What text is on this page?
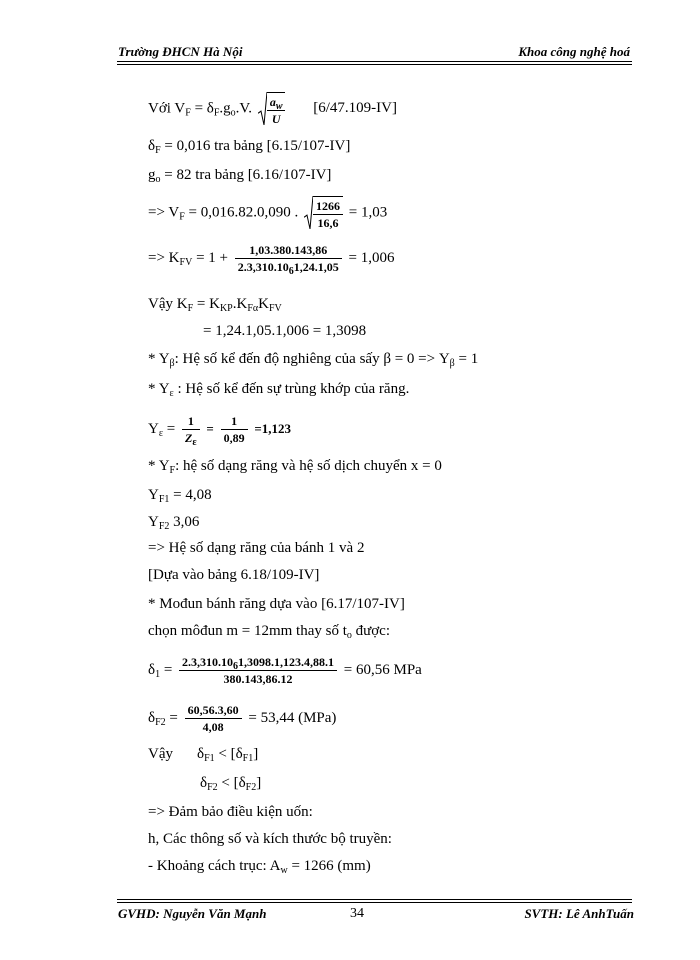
Trường ĐHCN Hà Nội	Khoa công nghệ hoá
Với $V_F = \delta_F.g_o.V$. $\frac{a_w}{U} [6/47.109-IV]$
$\delta_F = 0,016$ tra bảng [6.15/107-IV]
$g_o = 82$ tra bảng [6.16/107-IV]
=> $V_F = 0,016.82.0,090$ . $\frac{1266}{16,6} = 1,03$
=> $K_{FV} = 1 + \frac{1,03.380.143,86}{2.3,310.10_61,24.1,05} = 1,006$
Vậy $K_F = K_{KP}.K_{F\alpha}K_{FV}$
= 1,24.1,05.1,006 = 1,3098
* $Y_\beta$: Hệ số kể đến độ nghiêng của sấy $\beta = 0 => Y_\beta = 1$
* $Y_\varepsilon$ : Hệ số kể đến sự trùng khớp của răng.
$Y_\varepsilon = \frac{1}{Z_\varepsilon} = \frac{1}{0,89} =1,123$
* $Y_F$: hệ số dạng răng và hệ số dịch chuyển x = 0
$Y_{F1} = 4,08$
$Y_{F2}$ 3,06
=> Hệ số dạng răng của bánh 1 và 2
[Dựa vào bảng 6.18/109-IV]
* Mođun bánh răng dựa vào [6.17/107-IV]
chọn môđun m = 12mm thay số $t_o$ được:
$\delta_1 = \frac{2.3,310.10_61,3098.1,123.4,88.1}{380.143,86.12} = 60,56$ MPa
$\delta_{F2} = \frac{60,56.3,60}{4,08} = 53,44$ (MPa)
Vậy $\delta_{F1} < [\delta_{F1}]$
$\delta_{F2} < [\delta_{F2}]$
=> Đảm bảo điều kiện uốn:
h, Các thông số và kích thước bộ truyền:
- Khoảng cách trục: $A_w = 1266$ (mm)
GVHD: Nguyễn Văn Mạnh	34	SVTH: Lê AnhTuấn
